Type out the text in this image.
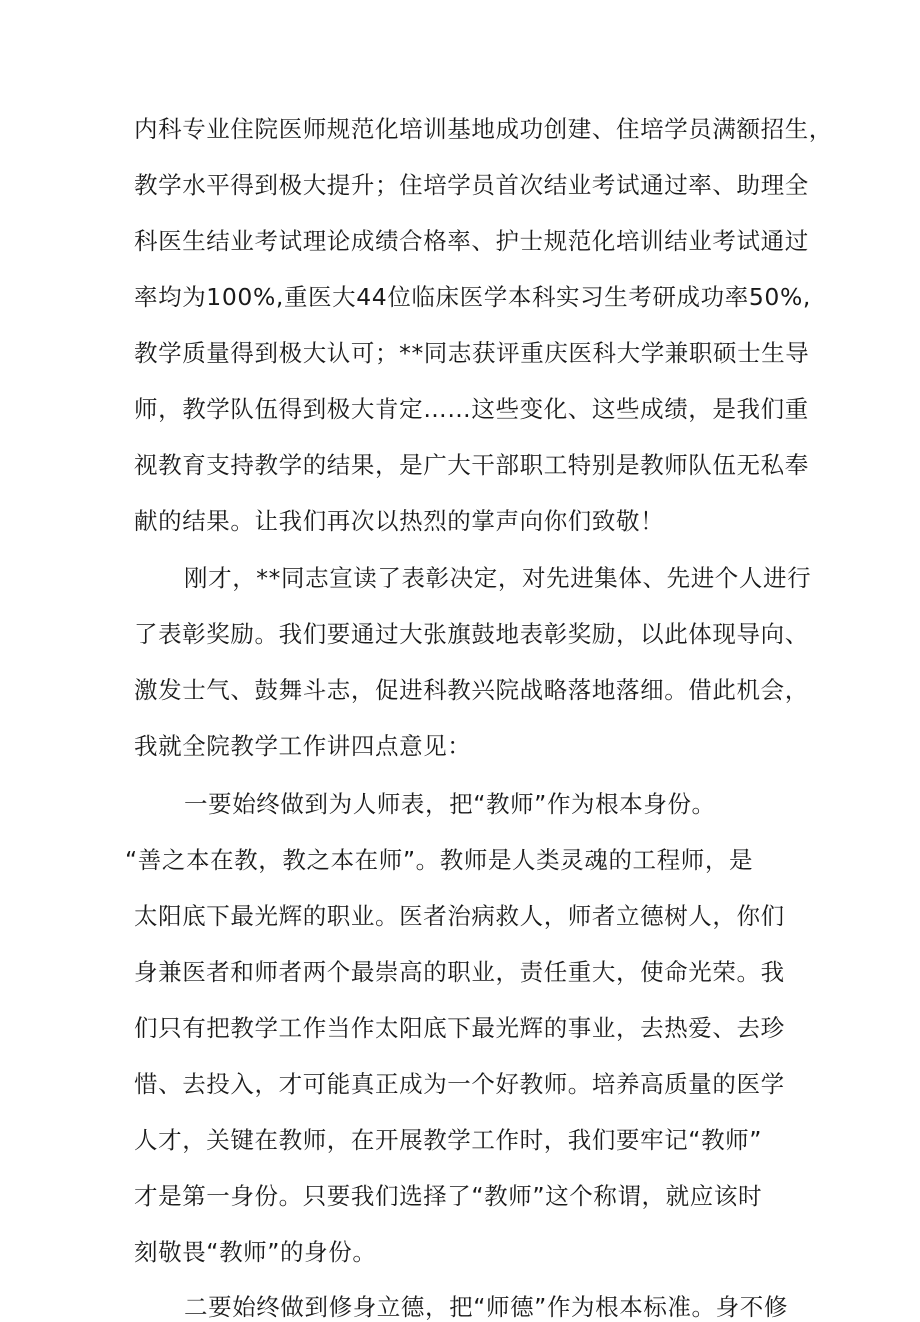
内科专业住院医师规范化培训基地成功创建、住培学员满额招生，

教学水平得到极大提升；住培学员首次结业考试通过率、助理全

科医生结业考试理论成绩合格率、护士规范化培训结业考试通过

率均为100%,重医大44位临床医学本科实习生考研成功率50%,

教学质量得到极大认可；**同志获评重庆医科大学兼职硕士生导

师，教学队伍得到极大肯定……这些变化、这些成绩，是我们重

视教育支持教学的结果，是广大干部职工特别是教师队伍无私奉

献的结果。让我们再次以热烈的掌声向你们致敬！

刚才，**同志宣读了表彰决定，对先进集体、先进个人进行

了表彰奖励。我们要通过大张旗鼓地表彰奖励，以此体现导向、

激发士气、鼓舞斗志，促进科教兴院战略落地落细。借此机会，

我就全院教学工作讲四点意见：

一要始终做到为人师表，把“教师”作为根本身份。

“善之本在教，教之本在师”。教师是人类灵魂的工程师，是

太阳底下最光辉的职业。医者治病救人，师者立德树人，你们

身兼医者和师者两个最崇高的职业，责任重大，使命光荣。我

们只有把教学工作当作太阳底下最光辉的事业，去热爱、去珍

惜、去投入，才可能真正成为一个好教师。培养高质量的医学

人才，关键在教师，在开展教学工作时，我们要牢记“教师”

才是第一身份。只要我们选择了“教师”这个称谓，就应该时

刻敬畏“教师”的身份。

二要始终做到修身立德，把“师德”作为根本标准。身不修
